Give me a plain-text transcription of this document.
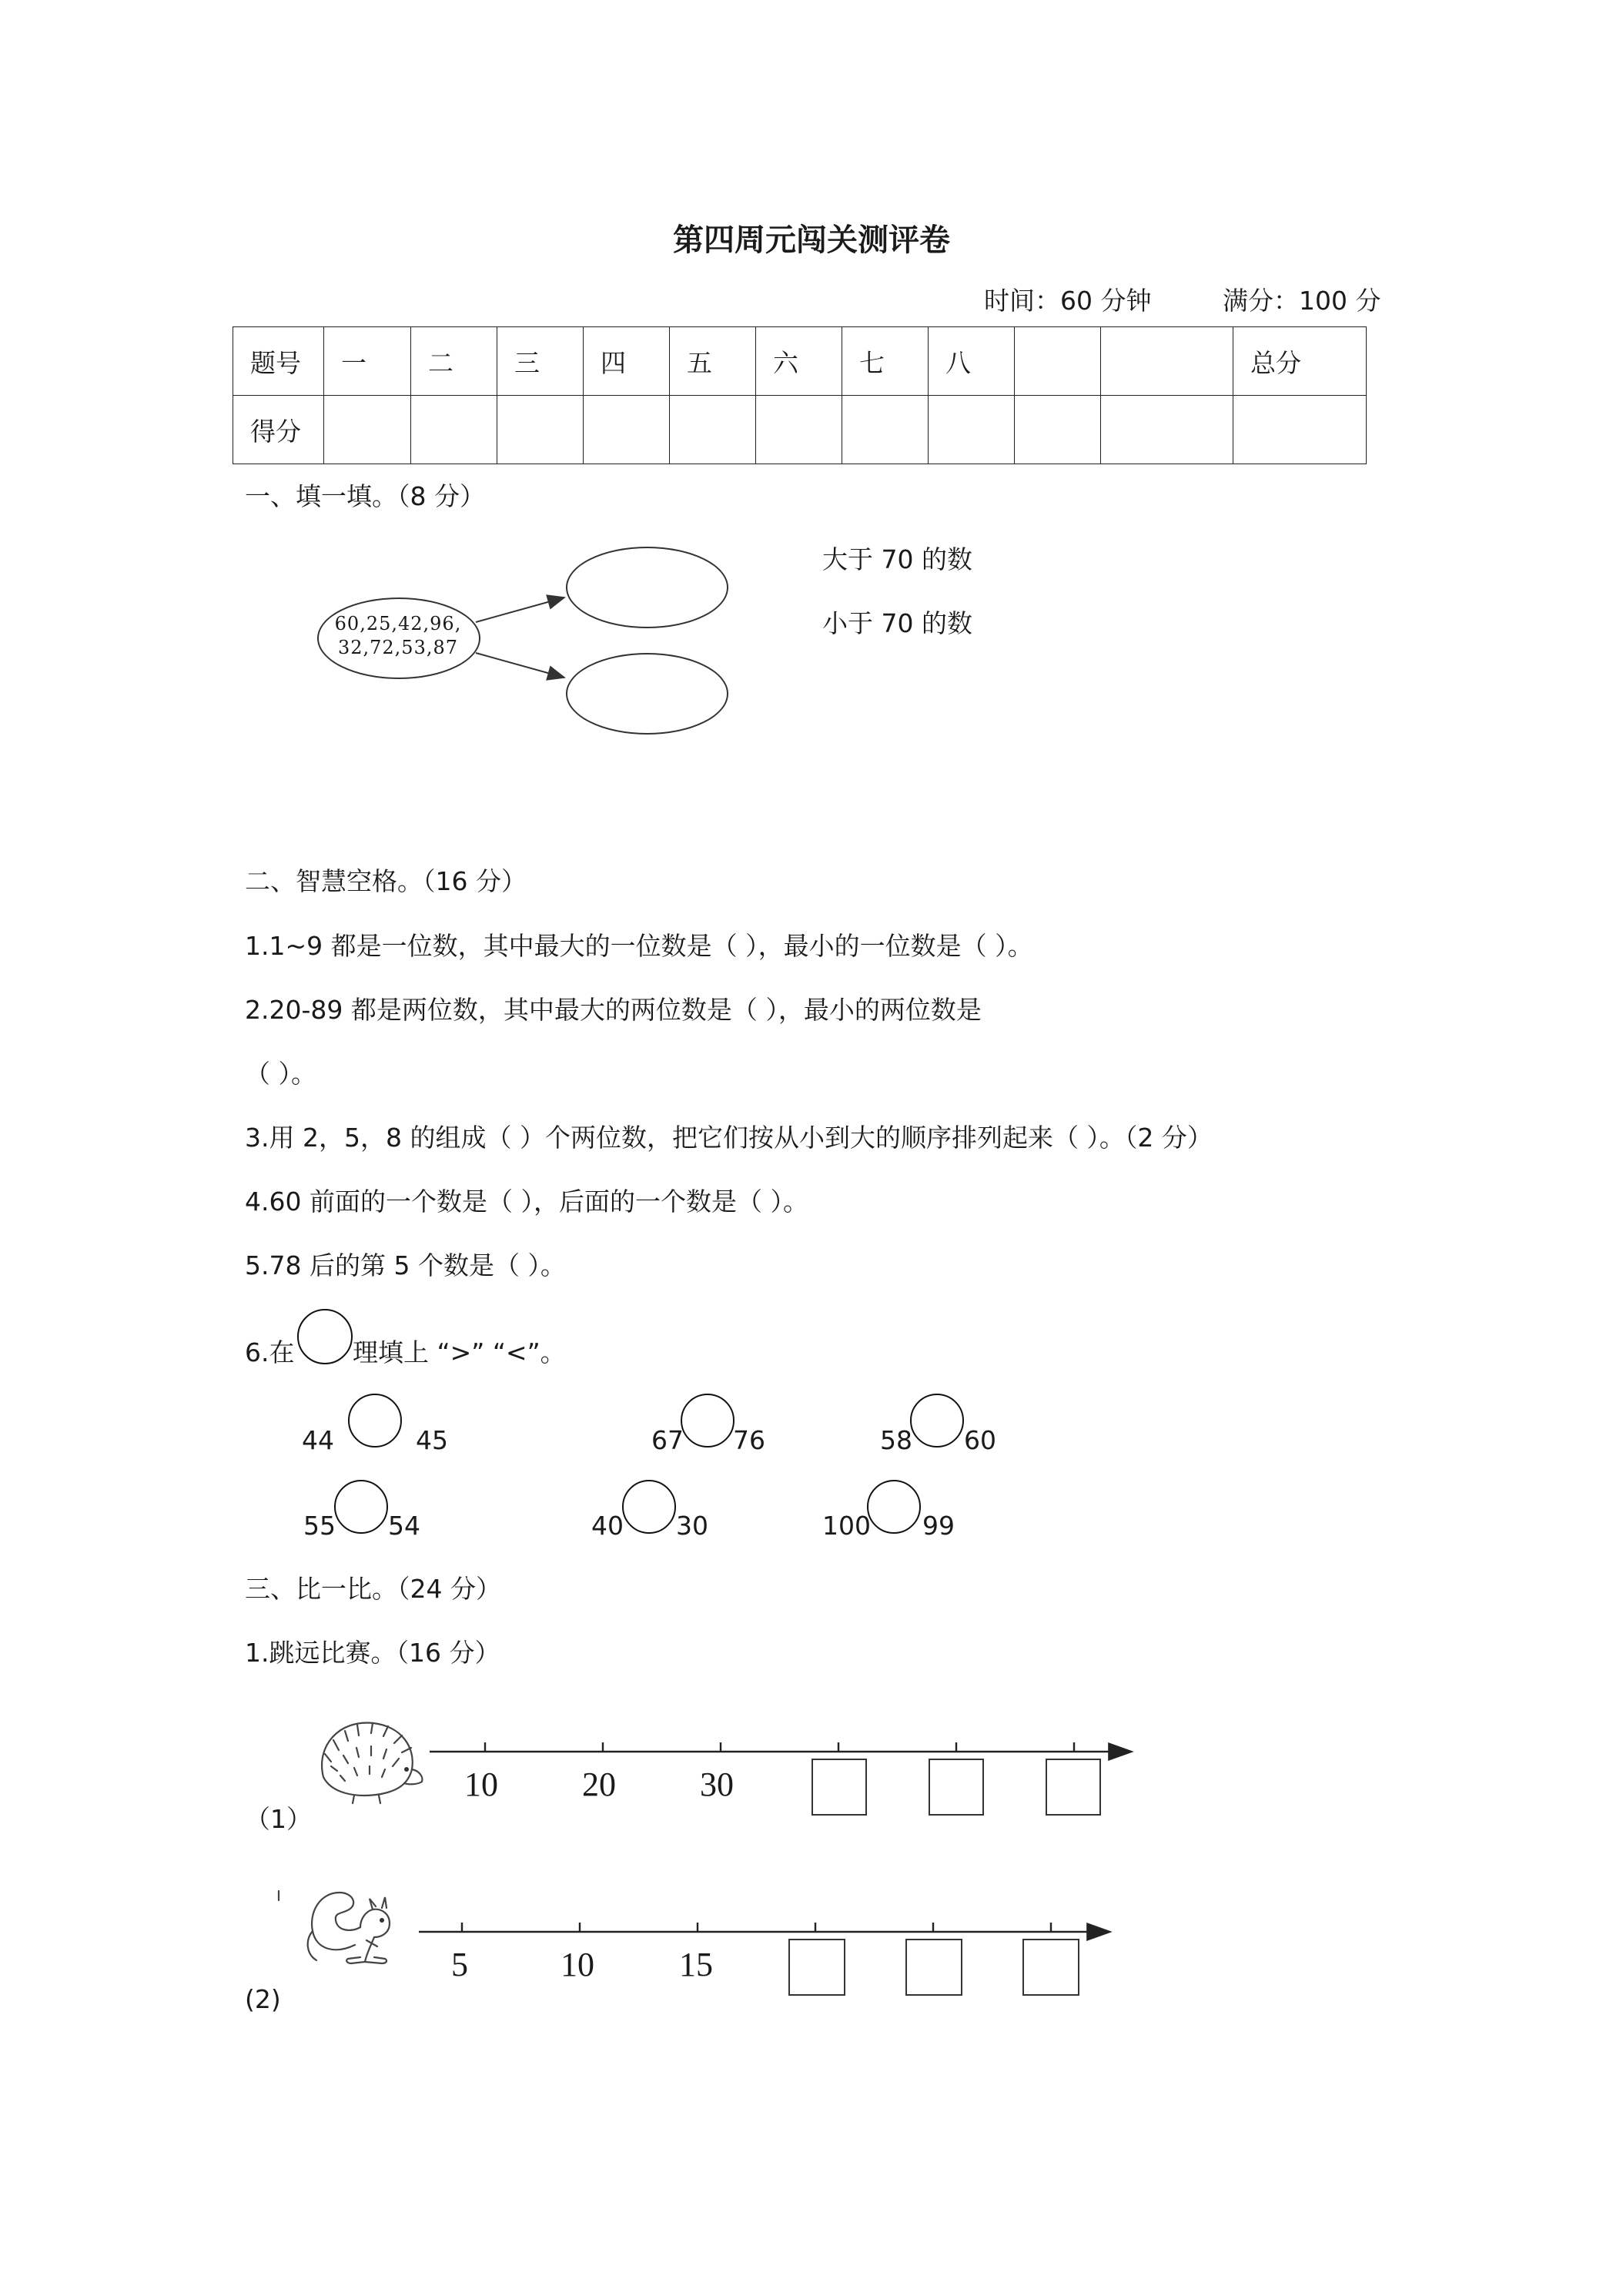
第四周元闯关测评卷
时间：60 分钟	满分：100 分
题号	一	二	三	四	五	六	七	八			总分
得分											
一、填一填。（8 分）
60,25,42,96,
32,72,53,87
大于 70 的数
小于 70 的数
二、智慧空格。（16 分）
1.1~9 都是一位数，其中最大的一位数是（ ），最小的一位数是（ ）。
2.20-89 都是两位数，其中最大的两位数是（ ），最小的两位数是
（ ）。
3.用 2，5，8 的组成（ ）个两位数，把它们按从小到大的顺序排列起来（ ）。（2 分）
4.60 前面的一个数是（ ），后面的一个数是（ ）。
5.78 后的第 5 个数是（ ）。
6.在 理填上 “>” “<”。
44	45	67 76	58 60
55 54	40 30	100 99
三、比一比。（24 分）
1.跳远比赛。（16 分）
（1）
10 20 30
(2)
5	10	15
